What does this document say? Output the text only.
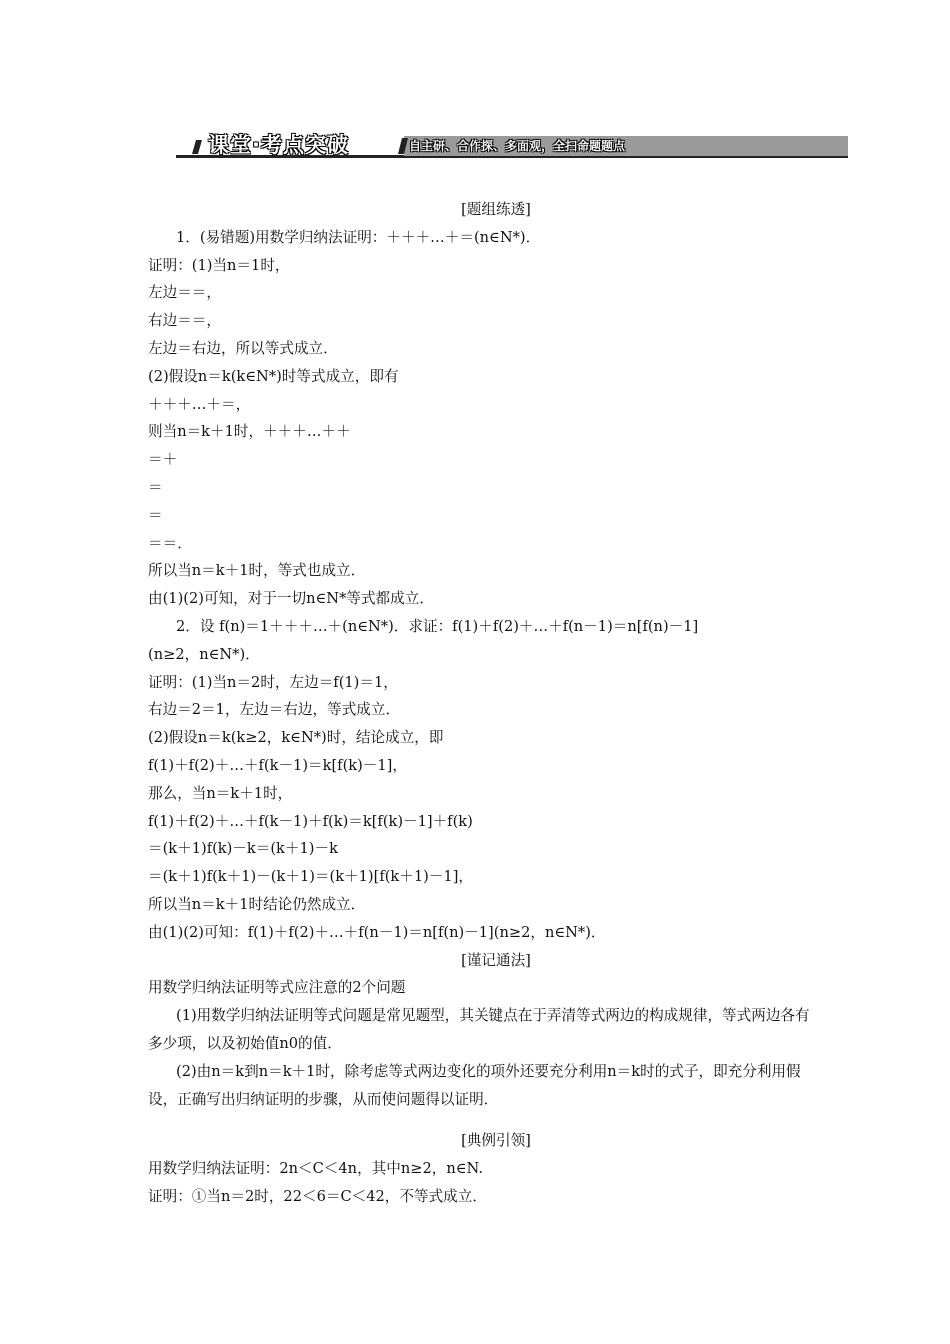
课堂·考点突破	自主研、合作探、多面观，全扫命题题点

[题组练透]

1．(易错题)用数学归纳法证明：＋＋＋…＋＝(n∈N*)．

证明：(1)当n＝1时，

左边＝＝，

右边＝＝，

左边＝右边，所以等式成立．

(2)假设n＝k(k∈N*)时等式成立，即有

＋＋＋…＋＝，

则当n＝k＋1时，＋＋＋…＋＋

＝＋

＝

＝

＝＝．

所以当n＝k＋1时，等式也成立．

由(1)(2)可知，对于一切n∈N*等式都成立．

2．设 f(n)＝1＋＋＋…＋(n∈N*)．求证：f(1)＋f(2)＋…＋f(n－1)＝n[f(n)－1]

(n≥2，n∈N*)．

证明：(1)当n＝2时，左边＝f(1)＝1，

右边＝2＝1，左边＝右边，等式成立．

(2)假设n＝k(k≥2，k∈N*)时，结论成立，即

f(1)＋f(2)＋…＋f(k－1)＝k[f(k)－1]，

那么，当n＝k＋1时，

f(1)＋f(2)＋…＋f(k－1)＋f(k)＝k[f(k)－1]＋f(k)

＝(k＋1)f(k)－k＝(k＋1)－k

＝(k＋1)f(k＋1)－(k＋1)＝(k＋1)[f(k＋1)－1]，

所以当n＝k＋1时结论仍然成立．

由(1)(2)可知：f(1)＋f(2)＋…＋f(n－1)＝n[f(n)－1](n≥2，n∈N*)．

[谨记通法]

用数学归纳法证明等式应注意的2个问题

(1)用数学归纳法证明等式问题是常见题型，其关键点在于弄清等式两边的构成规律，等式两边各有多少项，以及初始值n0的值．

(2)由n＝k到n＝k＋1时，除考虑等式两边变化的项外还要充分利用n＝k时的式子，即充分利用假设，正确写出归纳证明的步骤，从而使问题得以证明．

[典例引领]

用数学归纳法证明：2n＜C＜4n，其中n≥2，n∈N.

证明：①当n＝2时，22＜6＝C＜42，不等式成立．
